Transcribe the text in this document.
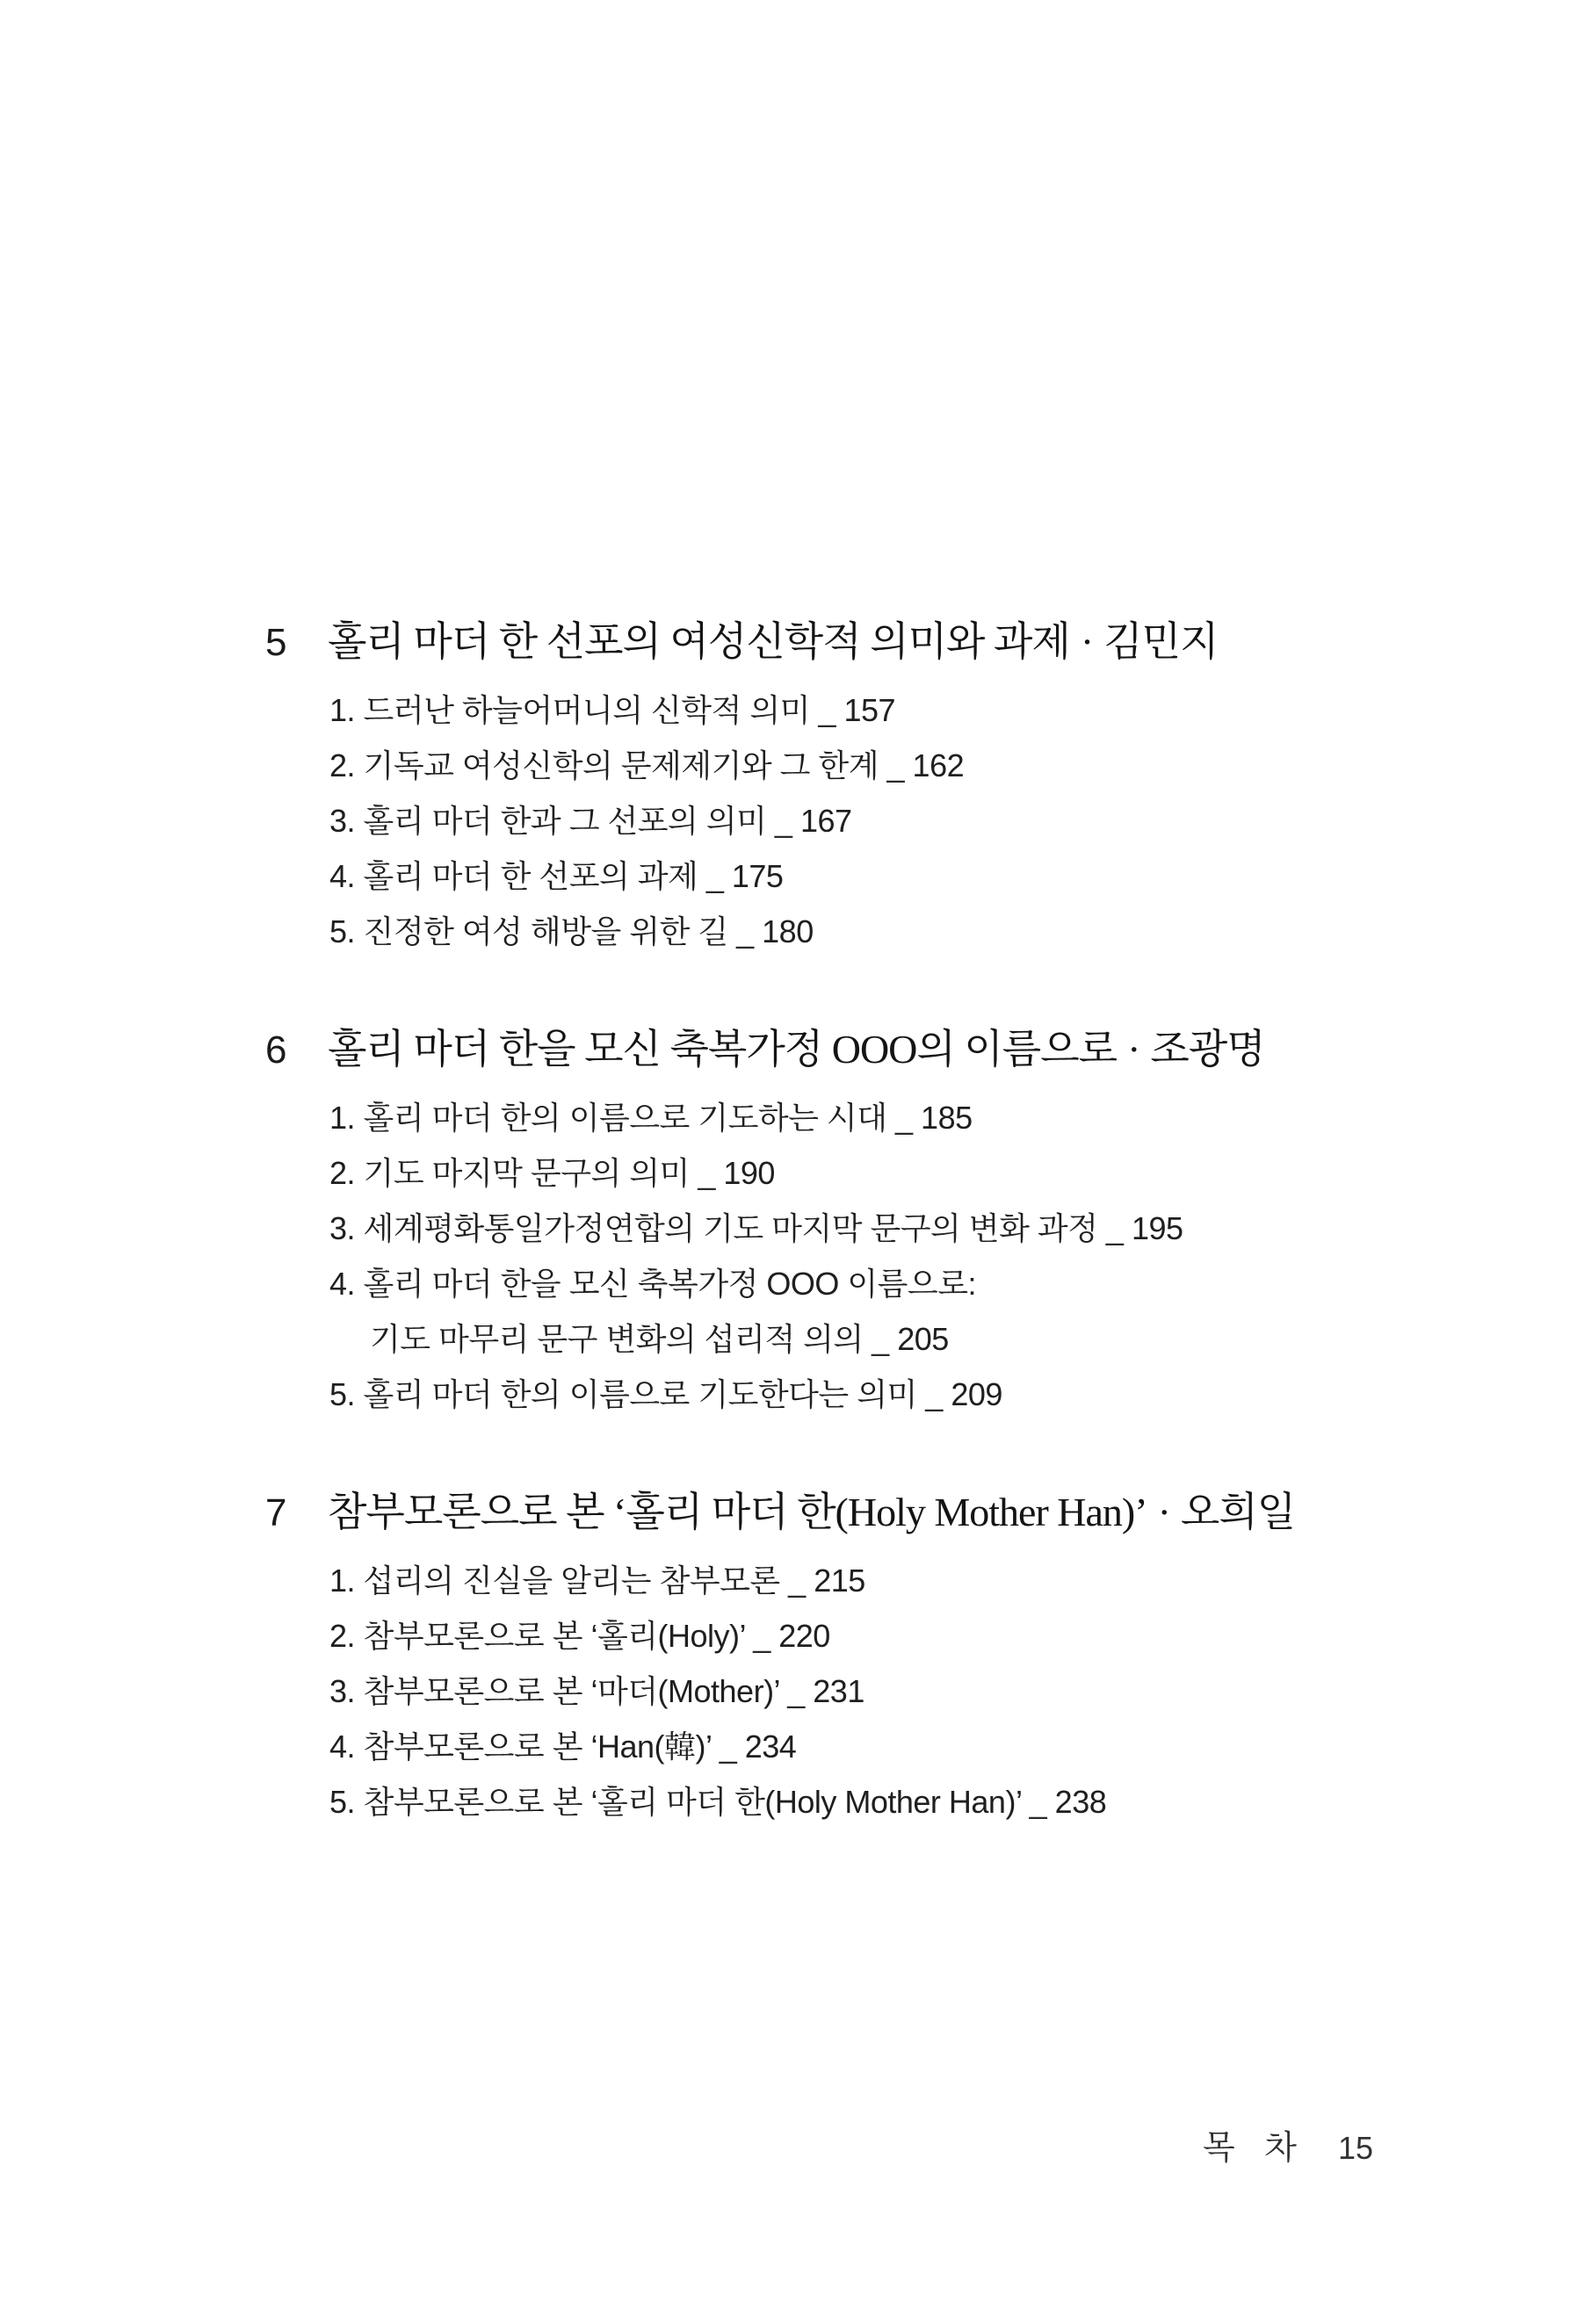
5	홀리 마더 한 선포의 여성신학적 의미와 과제 · 김민지
1. 드러난 하늘어머니의 신학적 의미 _ 157
2. 기독교 여성신학의 문제제기와 그 한계 _ 162
3. 홀리 마더 한과 그 선포의 의미 _ 167
4. 홀리 마더 한 선포의 과제 _ 175
5. 진정한 여성 해방을 위한 길 _ 180
6	홀리 마더 한을 모신 축복가정 OOO의 이름으로 · 조광명
1. 홀리 마더 한의 이름으로 기도하는 시대 _ 185
2. 기도 마지막 문구의 의미 _ 190
3. 세계평화통일가정연합의 기도 마지막 문구의 변화 과정 _ 195
4. 홀리 마더 한을 모신 축복가정 OOO 이름으로:
기도 마무리 문구 변화의 섭리적 의의 _ 205
5. 홀리 마더 한의 이름으로 기도한다는 의미 _ 209
7	참부모론으로 본 ‘홀리 마더 한(Holy Mother Han)’ · 오희일
1. 섭리의 진실을 알리는 참부모론 _ 215
2. 참부모론으로 본 ‘홀리(Holy)’ _ 220
3. 참부모론으로 본 ‘마더(Mother)’ _ 231
4. 참부모론으로 본 ‘Han(韓)’ _ 234
5. 참부모론으로 본 ‘홀리 마더 한(Holy Mother Han)’ _ 238
목 차 15
